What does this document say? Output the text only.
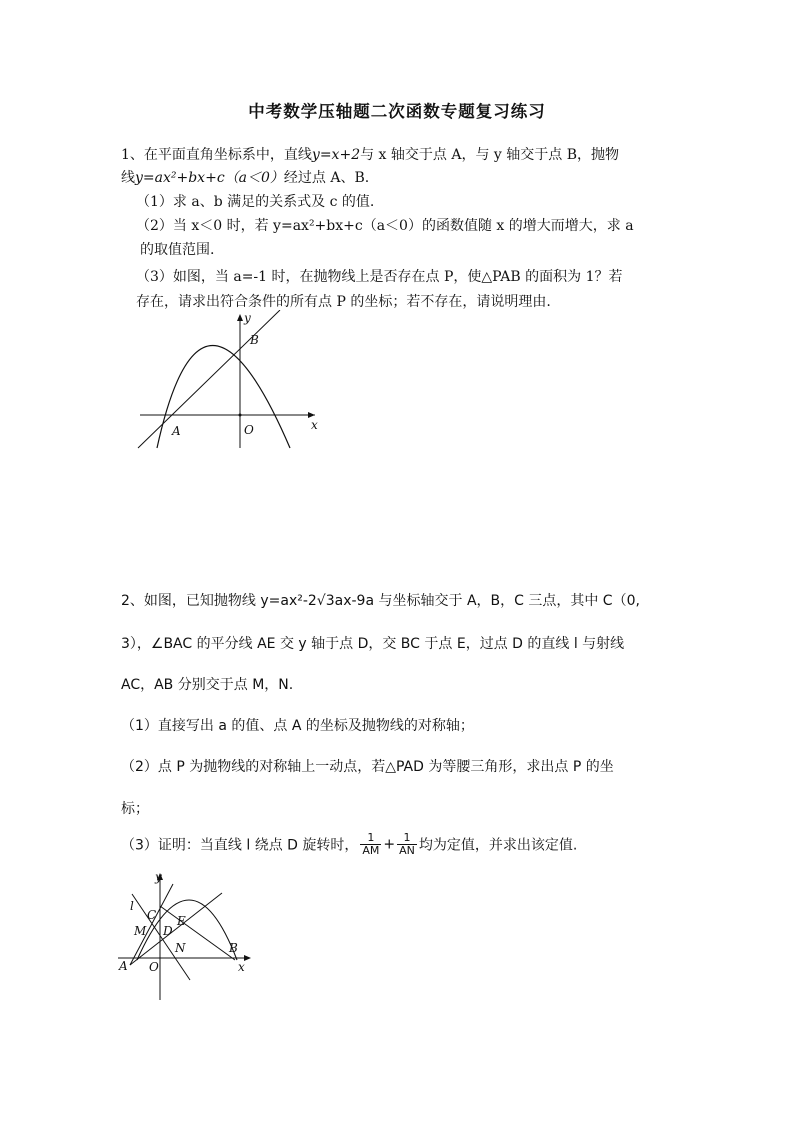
中考数学压轴题二次函数专题复习练习
1、在平面直角坐标系中，直线y=x+2与 x 轴交于点 A，与 y 轴交于点 B，抛物
线y=ax²+bx+c（a＜0）经过点 A、B.
（1）求 a、b 满足的关系式及 c 的值.
（2）当 x＜0 时，若 y=ax²+bx+c（a＜0）的函数值随 x 的增大而增大，求 a
的取值范围.
（3）如图，当 a=-1 时，在抛物线上是否存在点 P，使△PAB 的面积为 1？若
存在，请求出符合条件的所有点 P 的坐标；若不存在，请说明理由.
y
x
B
A	O
2、如图，已知抛物线 y=ax²-2√3ax-9a 与坐标轴交于 A，B，C 三点，其中 C（0,
3），∠BAC 的平分线 AE 交 y 轴于点 D，交 BC 于点 E，过点 D 的直线 l 与射线
AC，AB 分别交于点 M，N.
（1）直接写出 a 的值、点 A 的坐标及抛物线的对称轴；
（2）点 P 为抛物线的对称轴上一动点，若△PAD 为等腰三角形，求出点 P 的坐
标；
（3）证明：当直线 l 绕点 D 旋转时， $\frac{1}{AM} + \frac{1}{AN}$ 均为定值，并求出该定值.
y
x
l
C E
M D
N	B
A O
